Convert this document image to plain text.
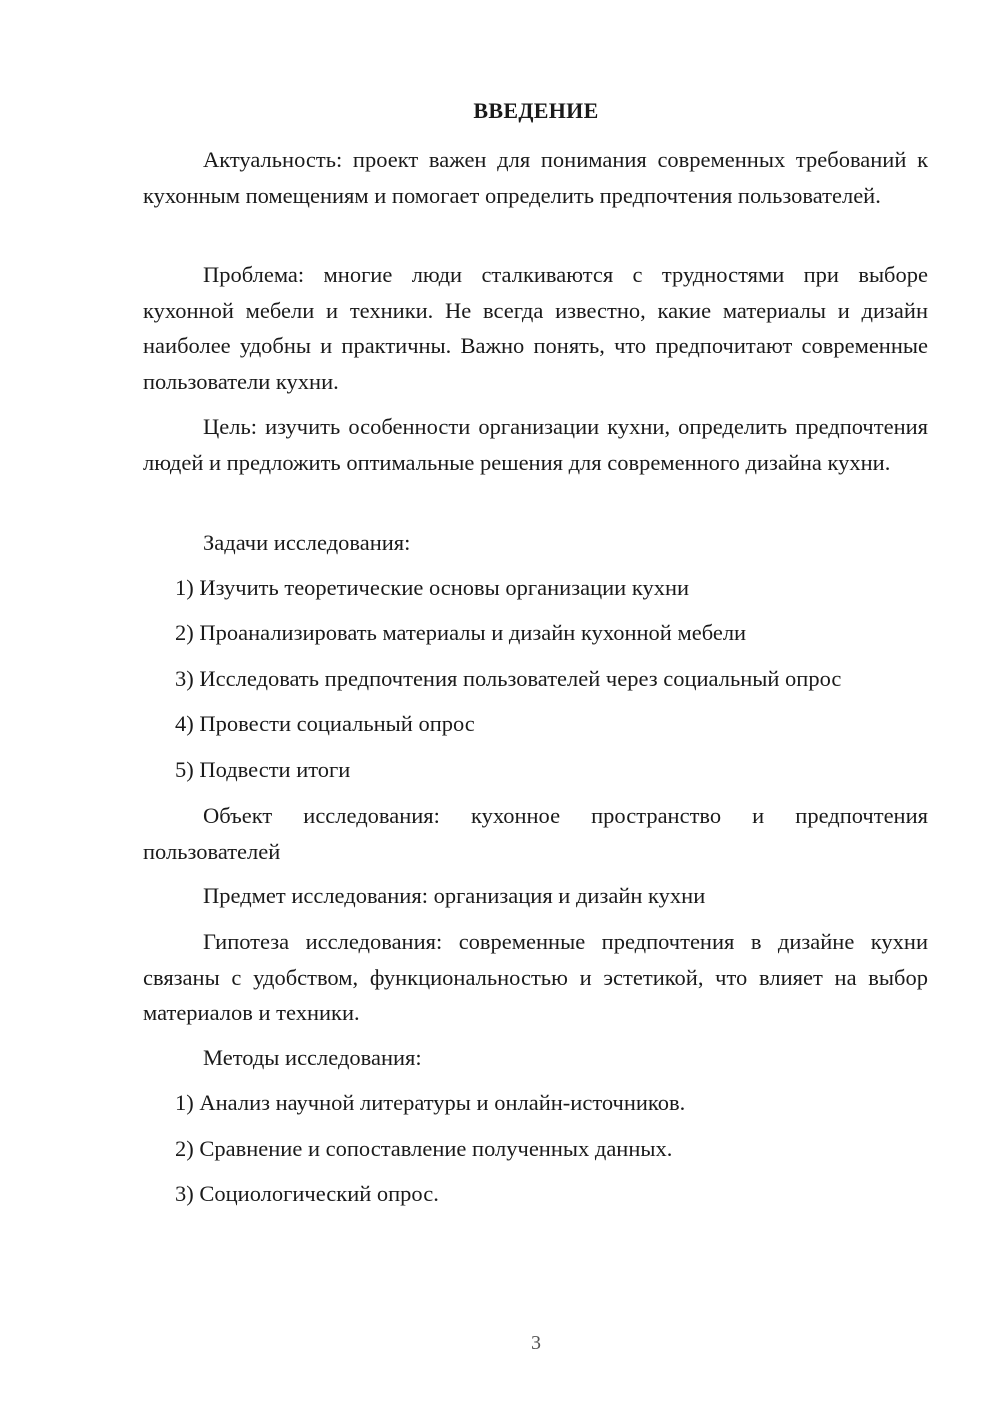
ВВЕДЕНИЕ

Актуальность: проект важен для понимания современных требований к кухонным помещениям и помогает определить предпочтения пользователей.

Проблема: многие люди сталкиваются с трудностями при выборе кухонной мебели и техники. Не всегда известно, какие материалы и дизайн наиболее удобны и практичны. Важно понять, что предпочитают современные пользователи кухни.

Цель: изучить особенности организации кухни, определить предпочтения людей и предложить оптимальные решения для современного дизайна кухни.

Задачи исследования:

1) Изучить теоретические основы организации кухни

2) Проанализировать материалы и дизайн кухонной мебели

3) Исследовать предпочтения пользователей через социальный опрос

4) Провести социальный опрос

5) Подвести итоги

Объект исследования: кухонное пространство и предпочтения пользователей

Предмет исследования: организация и дизайн кухни

Гипотеза исследования: современные предпочтения в дизайне кухни связаны с удобством, функциональностью и эстетикой, что влияет на выбор материалов и техники.

Методы исследования:

1) Анализ научной литературы и онлайн-источников.

2) Сравнение и сопоставление полученных данных.

3) Социологический опрос.

3
